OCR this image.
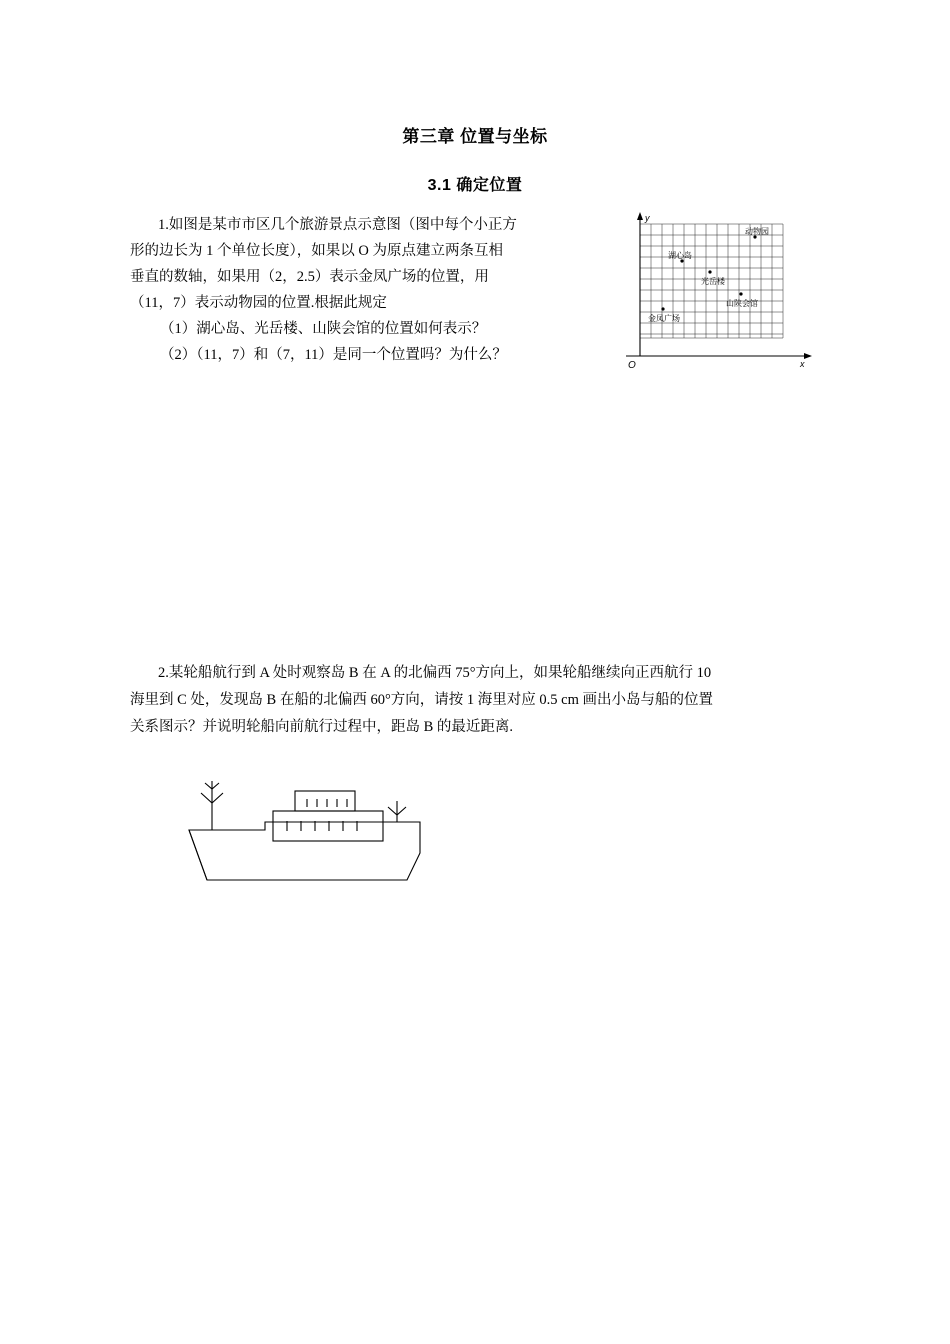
第三章 位置与坐标
3.1 确定位置

1.如图是某市市区几个旅游景点示意图（图中每个小正方

形的边长为 1 个单位长度），如果以 O 为原点建立两条互相

垂直的数轴，如果用（2，2.5）表示金凤广场的位置，用

（11，7）表示动物园的位置.根据此规定

（1）湖心岛、光岳楼、山陕会馆的位置如何表示？

（2）（11，7）和（7，11）是同一个位置吗？为什么？

y
x
O
动物园
湖心岛
光岳楼
山陕会馆
金凤广场

2.某轮船航行到 A 处时观察岛 B 在 A 的北偏西 75°方向上，如果轮船继续向正西航行 10

海里到 C 处，发现岛 B 在船的北偏西 60°方向，请按 1 海里对应 0.5 cm 画出小岛与船的位置

关系图示？并说明轮船向前航行过程中，距岛 B 的最近距离.
